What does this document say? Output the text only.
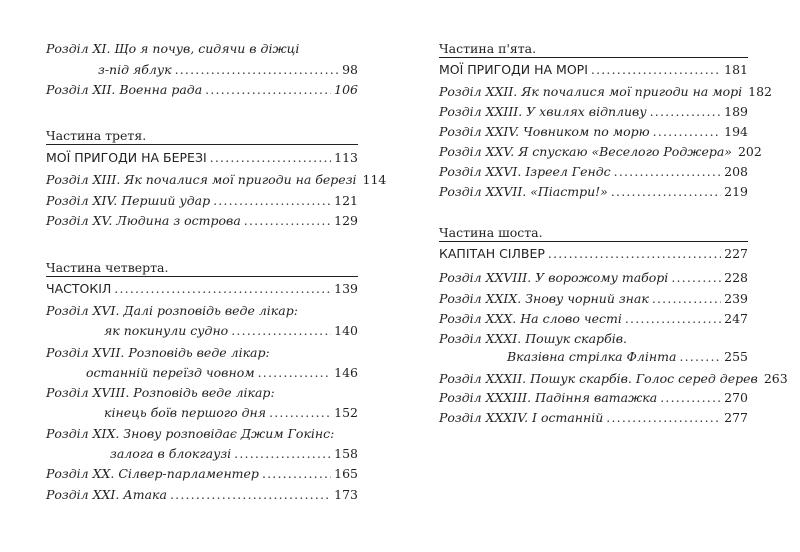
Розділ XI. Що я почув, сидячи в діжці
з-під яблук .....	98
Розділ XII. Военна рада .....	106
Частина третя.
МОЇ ПРИГОДИ НА БЕРЕЗІ .....	113
Розділ XIII. Як почалися мої пригоди на березі 114
Розділ XIV. Перший удар .....	121
Розділ XV. Людина з острова .....	129
Частина четверта.
ЧАСТОКІЛ .....	139
Розділ XVI. Далі розповідь веде лікар:
як покинули судно .....	140
Розділ XVII. Розповідь веде лікар:
останній переїзд човном .....	146
Розділ XVIII. Розповідь веде лікар:
кінець боїв першого дня .....	152
Розділ XIX. Знову розповідає Джим Гокінс:
залога в блокгаузі .....	158
Розділ XX. Сілвер-парламентер .....	165
Розділ XXI. Атака .....	173
Частина п'ята.
МОЇ ПРИГОДИ НА МОРІ .....	181
Розділ XXII. Як почалися мої пригоди на морі 182
Розділ XXIII. У хвилях відпливу .....	189
Розділ XXIV. Човником по морю .....	194
Розділ XXV. Я спускаю «Веселого Роджера» 202
Розділ XXVI. Ізреел Гендс .....	208
Розділ XXVII. «Піастри!» .....	219
Частина шоста.
КАПІТАН СІЛВЕР .....	227
Розділ XXVIII. У ворожому таборі .....	228
Розділ XXIX. Знову чорний знак .....	239
Розділ XXX. На слово честі .....	247
Розділ XXXI. Пошук скарбів.
Вказівна стрілка Флінта .....	255
Розділ XXXII. Пошук скарбів. Голос серед дерев 263
Розділ XXXIII. Падіння ватажка .....	270
Розділ XXXIV. І останній .....	277
